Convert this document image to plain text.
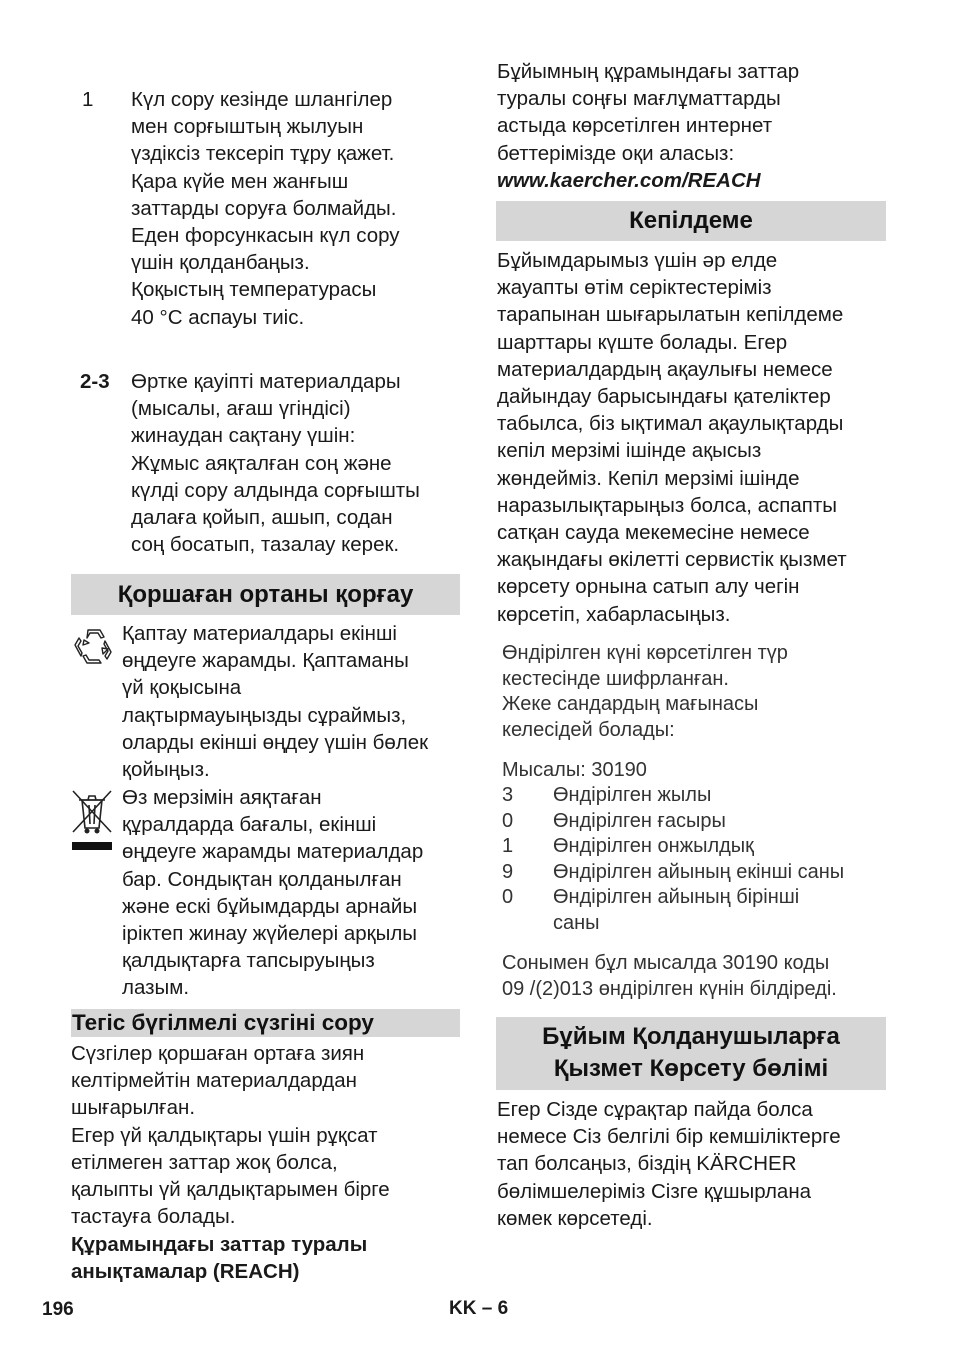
1 Күл сору кезінде шлангілер
мен сорғыштың жылуын
үздіксіз тексеріп тұру қажет.
Қара күйе мен жанғыш
заттарды соруға болмайды.
Еден форсункасын күл сору
үшін қолданбаңыз.
Қоқыстың температурасы
40 °C аспауы тиіс.
2-3 Өртке қауіпті материалдары
(мысалы, ағаш үгіндісі)
жинаудан сақтану үшін:
Жұмыс аяқталған соң және
күлді сору алдында сорғышты
далаға қойып, ашып, содан
соң босатып, тазалау керек.
Қоршаған ортаны қорғау
Қаптау материалдары екінші
өңдеуге жарамды. Қаптаманы
үй қоқысына
лақтырмауыңызды сұраймыз,
оларды екінші өңдеу үшін бөлек
қойыңыз.
Өз мерзімін аяқтаған
құралдарда бағалы, екінші
өңдеуге жарамды материалдар
бар. Сондықтан қолданылған
және ескі бұйымдарды арнайы
іріктеп жинау жүйелері арқылы
қалдықтарға тапсыруыңыз
лазым.
Тегіс бүгілмелі сүзгіні сору
Сүзгілер қоршаған ортаға зиян
келтірмейтін материалдардан
шығарылған.
Егер үй қалдықтары үшін рұқсат
етілмеген заттар жоқ болса,
қалыпты үй қалдықтарымен бірге
тастауға болады.
Құрамындағы заттар туралы
анықтамалар (REACH)
Бұйымның құрамындағы заттар
туралы соңғы мағлұматтарды
астыда көрсетілген интернет
беттерімізде оқи аласыз:
www.kaercher.com/REACH
Кепілдеме
Бұйымдарымыз үшін әр елде
жауапты өтім серіктестеріміз
тарапынан шығарылатын кепілдеме
шарттары күште болады. Егер
материалдардың ақаулығы немесе
дайындау барысындағы қателіктер
табылса, біз ықтимал ақаулықтарды
кепіл мерзімі ішінде ақысыз
жөндейміз. Кепіл мерзімі ішінде
наразылықтарыңыз болса, аспапты
сатқан сауда мекемесіне немесе
жақындағы өкілетті сервистік қызмет
көрсету орнына сатып алу чегін
көрсетіп, хабарласыңыз.
Өндірілген күні көрсетілген түр
кестесінде шифрланған.
Жеке сандардың мағынасы
келесідей болады:
Мысалы: 30190
3	Өндірілген жылы
0	Өндірілген ғасыры
1	Өндірілген онжылдық
9	Өндірілген айының екінші саны
0	Өндірілген айының бірінші
саны
Сонымен бұл мысалда 30190 коды
09 /(2)013 өндірілген күнін білдіреді.
Бұйым Қолданушыларға
Қызмет Көрсету бөлімі
Егер Сізде сұрақтар пайда болса
немесе Сіз белгілі бір кемшіліктерге
тап болсаңыз, біздің KÄRCHER
бөлімшелеріміз Сізге құшырлана
көмек көрсетеді.
196	KK – 6
